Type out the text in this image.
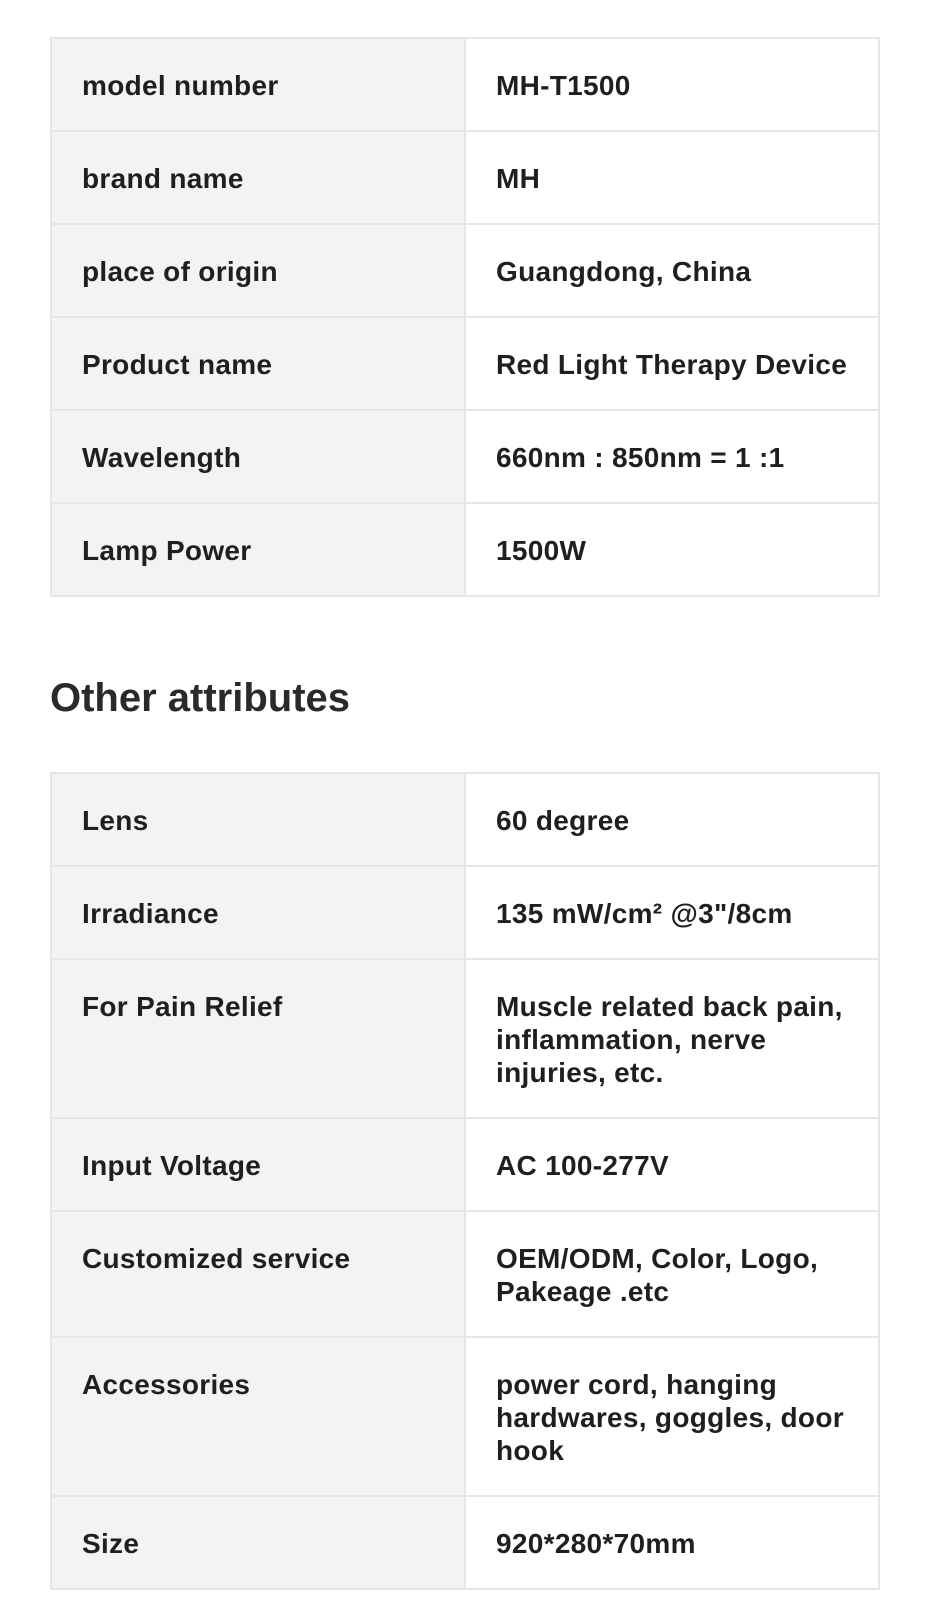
model number	MH-T1500

brand name	MH

place of origin	Guangdong, China

Product name	Red Light Therapy Device

Wavelength	660nm : 850nm = 1 :1

Lamp Power	1500W
Other attributes
Lens	60 degree

Irradiance	135 mW/cm² @3"/8cm

For Pain Relief	Muscle related back pain, inflammation, nerve injuries, etc.

Input Voltage	AC 100-277V

Customized service	OEM/ODM, Color, Logo, Pakeage .etc

Accessories	power cord, hanging hardwares, goggles, door hook

Size	920*280*70mm
